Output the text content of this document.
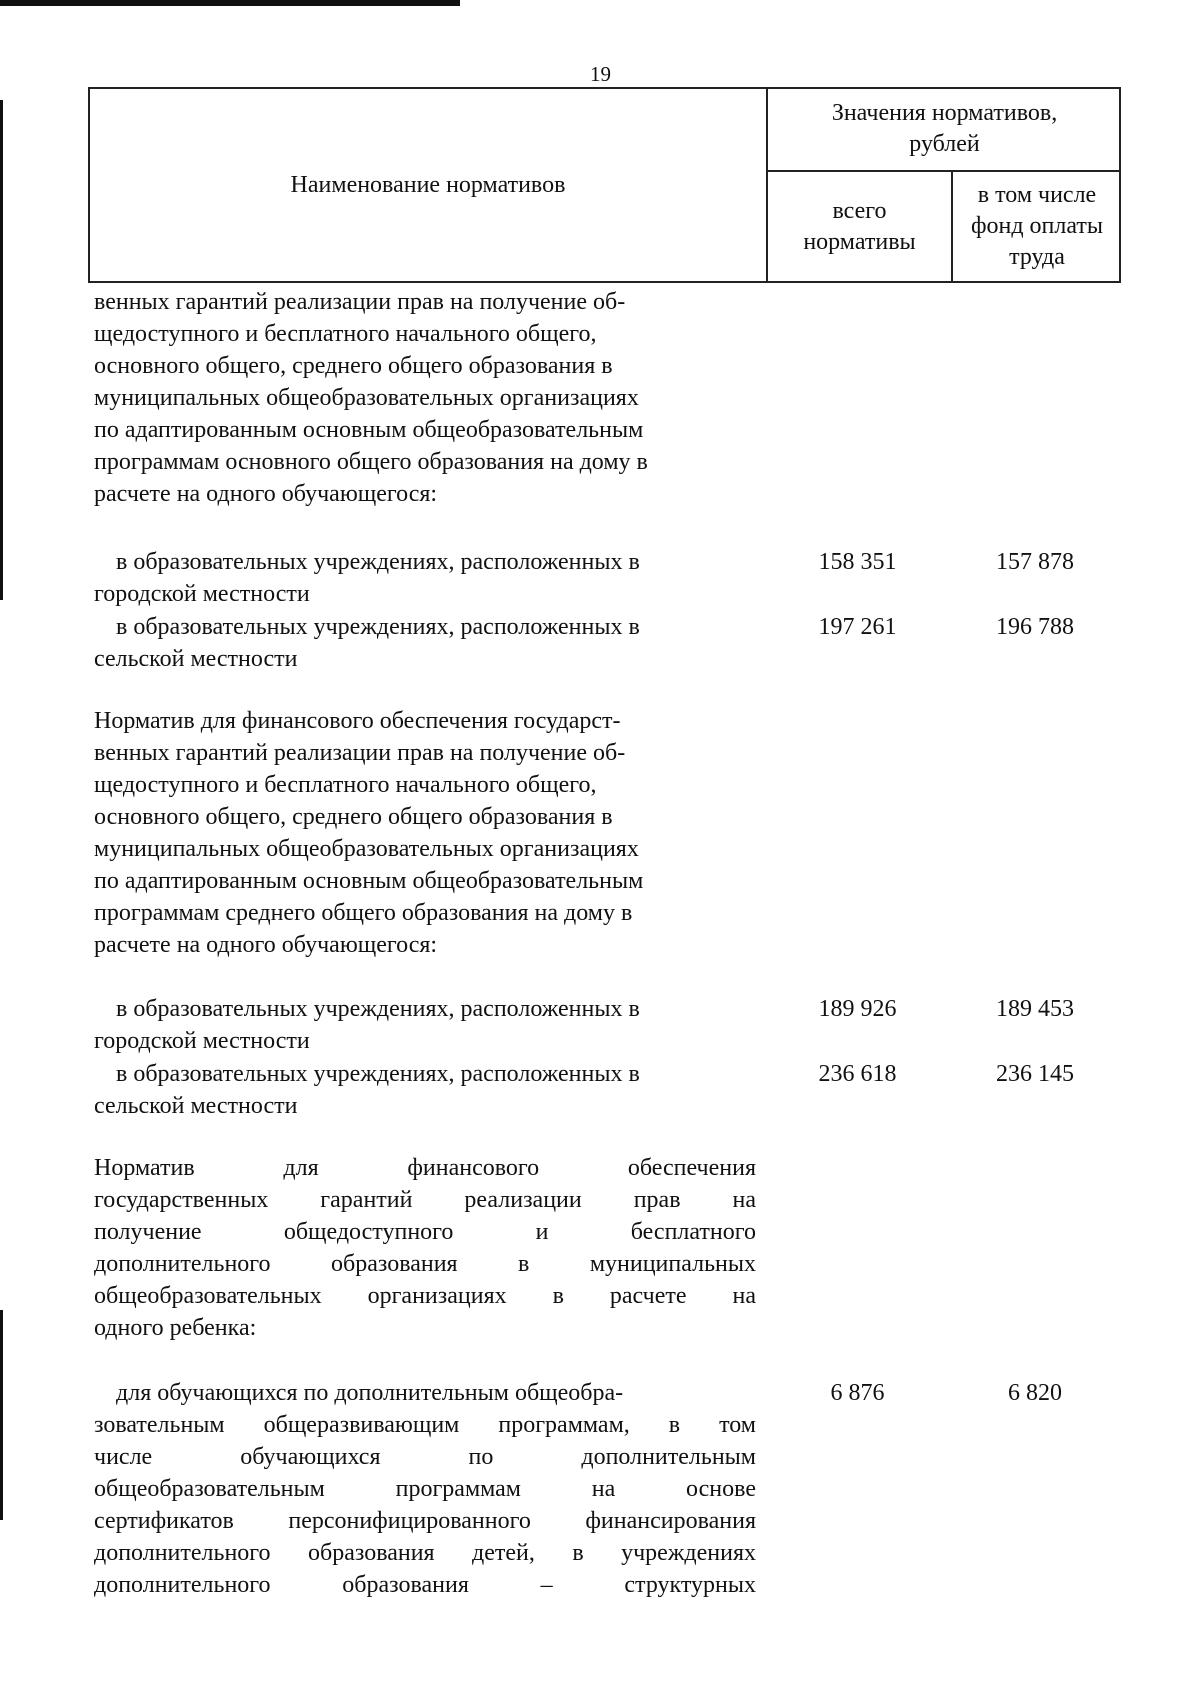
19
Наименование нормативов
Значения нормативов,
рублей
всего
нормативы
в том числе
фонд оплаты
труда
венных гарантий реализации прав на получение об-
щедоступного и бесплатного начального общего,
основного общего, среднего общего образования в
муниципальных общеобразовательных организациях
по адаптированным основным общеобразовательным
программам основного общего образования на дому в
расчете на одного обучающегося:
в образовательных учреждениях, расположенных в
городской местности
158 351	157 878
в образовательных учреждениях, расположенных в
сельской местности
197 261	196 788
Норматив для финансового обеспечения государст-
венных гарантий реализации прав на получение об-
щедоступного и бесплатного начального общего,
основного общего, среднего общего образования в
муниципальных общеобразовательных организациях
по адаптированным основным общеобразовательным
программам среднего общего образования на дому в
расчете на одного обучающегося:
в образовательных учреждениях, расположенных в
городской местности
189 926	189 453
в образовательных учреждениях, расположенных в
сельской местности
236 618	236 145
Норматив для финансового обеспечения
государственных гарантий реализации прав на
получение общедоступного и бесплатного
дополнительного образования в муниципальных
общеобразовательных организациях в расчете на
одного ребенка:
для обучающихся по дополнительным общеобра-
зовательным общеразвивающим программам, в том
числе обучающихся по дополнительным
общеобразовательным программам на основе
сертификатов персонифицированного финансирования
дополнительного образования детей, в учреждениях
дополнительного образования – структурных
6 876	6 820
